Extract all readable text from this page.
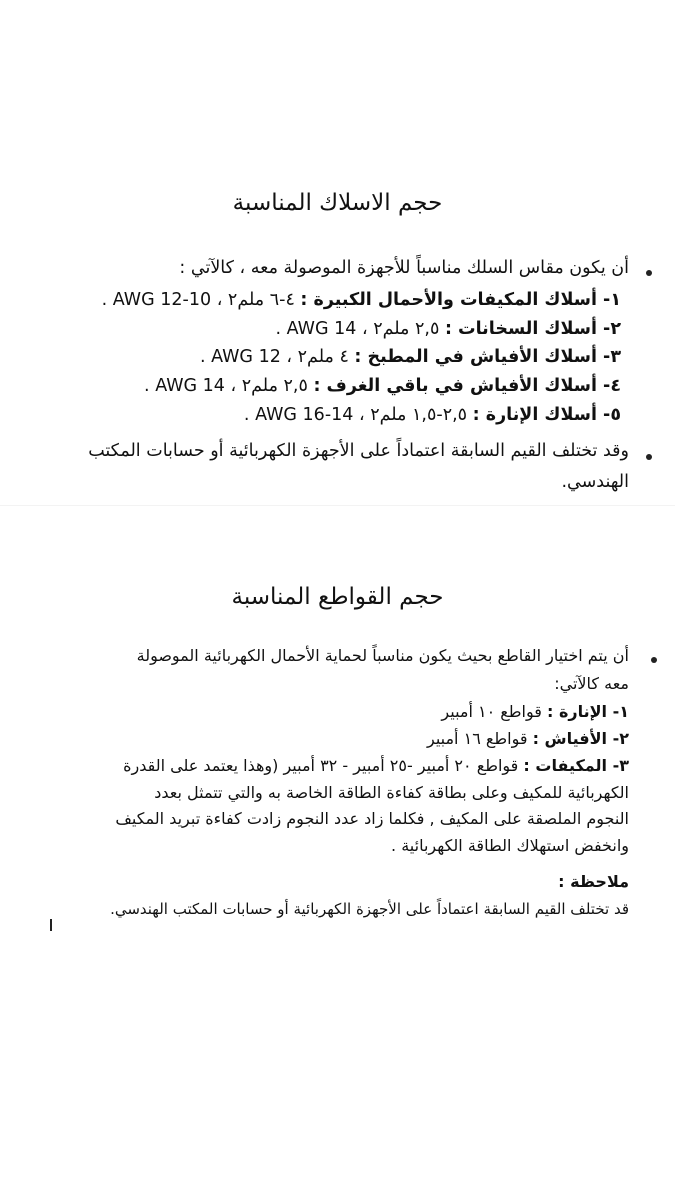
حجم الاسلاك المناسبة

أن يكون مقاس السلك مناسباً للأجهزة الموصولة معه ، كالآتي :

١- أسلاك المكيفات والأحمال الكبيرة : ٤-٦ ملم٢ ، 10-12 AWG .

٢- أسلاك السخانات : ٢,٥ ملم٢ ، 14 AWG .

٣- أسلاك الأفياش في المطبخ : ٤ ملم٢ ، 12 AWG .

٤- أسلاك الأفياش في باقي الغرف : ٢,٥ ملم٢ ، 14 AWG .

٥- أسلاك الإنارة : ٢,٥-١,٥ ملم٢ ، 14-16 AWG .

وقد تختلف القيم السابقة اعتماداً على الأجهزة الكهربائية أو حسابات المكتب

الهندسي.

حجم القواطع المناسبة

أن يتم اختيار القاطع بحيث يكون مناسباً لحماية الأحمال الكهربائية الموصولة

معه كالآتي:

١- الإنارة : قواطع ١٠ أمبير

٢- الأفياش : قواطع ١٦ أمبير

٣- المكيفات : قواطع ٢٠ أمبير -٢٥ أمبير - ٣٢ أمبير (وهذا يعتمد على القدرة

الكهربائية للمكيف وعلى بطاقة كفاءة الطاقة الخاصة به والتي تتمثل بعدد

النجوم الملصقة على المكيف , فكلما زاد عدد النجوم زادت كفاءة تبريد المكيف

وانخفض استهلاك الطاقة الكهربائية .

ملاحظة :

قد تختلف القيم السابقة اعتماداً على الأجهزة الكهربائية أو حسابات المكتب الهندسي.
